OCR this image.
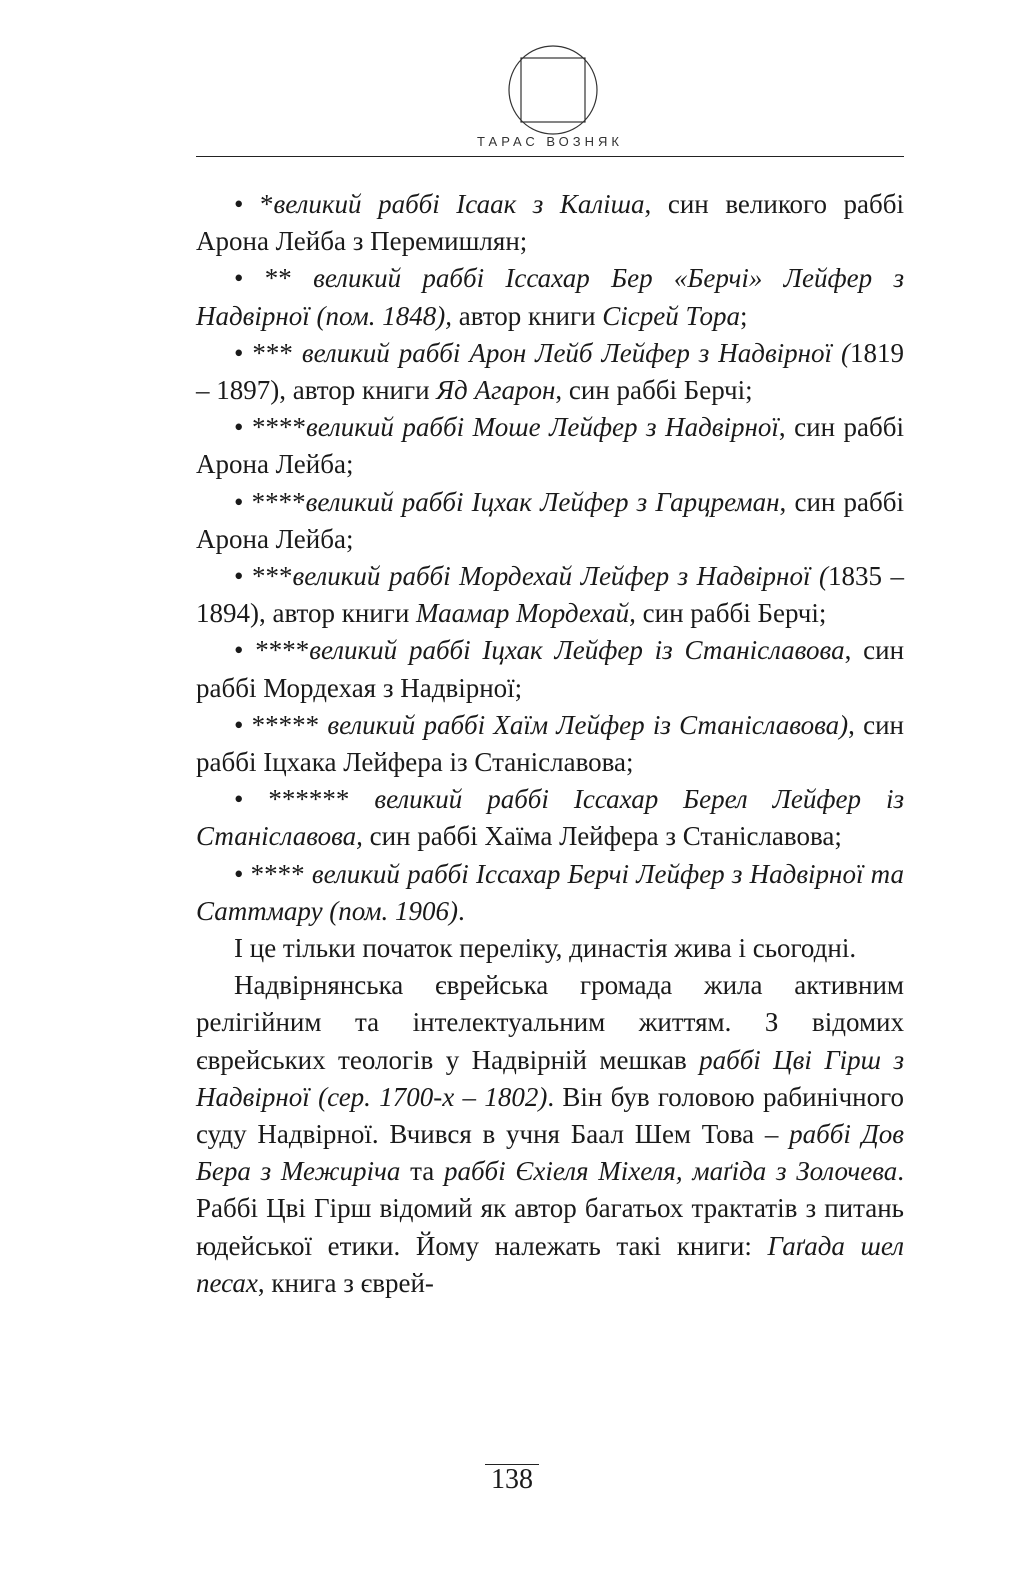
ТАРАС ВОЗНЯК
• *великий раббі Ісаак з Каліша, син великого раббі Арона Лейба з Перемишлян;
• ** великий раббі Іссахар Бер «Берчі» Лейфер з Надвірної (пом. 1848), автор книги Сісрей Тора;
• *** великий раббі Арон Лейб Лейфер з Надвірної (1819 – 1897), автор книги Яд Агарон, син раббі Берчі;
• ****великий раббі Моше Лейфер з Надвірної, син раббі Арона Лейба;
• ****великий раббі Іцхак Лейфер з Гарцреман, син раббі Арона Лейба;
• ***великий раббі Мордехай Лейфер з Надвірної (1835 – 1894), автор книги Маамар Мордехай, син раббі Берчі;
• ****великий раббі Іцхак Лейфер із Станіславова, син раббі Мордехая з Надвірної;
• ***** великий раббі Хаїм Лейфер із Станіславова), син раббі Іцхака Лейфера із Станіславова;
• ****** великий раббі Іссахар Берел Лейфер із Станіславова, син раббі Хаїма Лейфера з Станіславова;
• **** великий раббі Іссахар Берчі Лейфер з Надвірної та Саттмару (пом. 1906).

І це тільки початок переліку, династія жива і сьогодні.

Надвірнянська єврейська громада жила активним релігійним та інтелектуальним життям. З відомих єврейських теологів у Надвірній мешкав раббі Цві Гірш з Надвірної (сер. 1700-х – 1802). Він був головою рабинічного суду Надвірної. Вчився в учня Баал Шем Това – раббі Дов Бера з Межиріча та раббі Єхіеля Міхеля, маґіда з Золочева. Раббі Цві Гірш відомий як автор багатьох трактатів з питань юдейської етики. Йому належать такі книги: Гаґада шел песах, книга з єврей-

138
